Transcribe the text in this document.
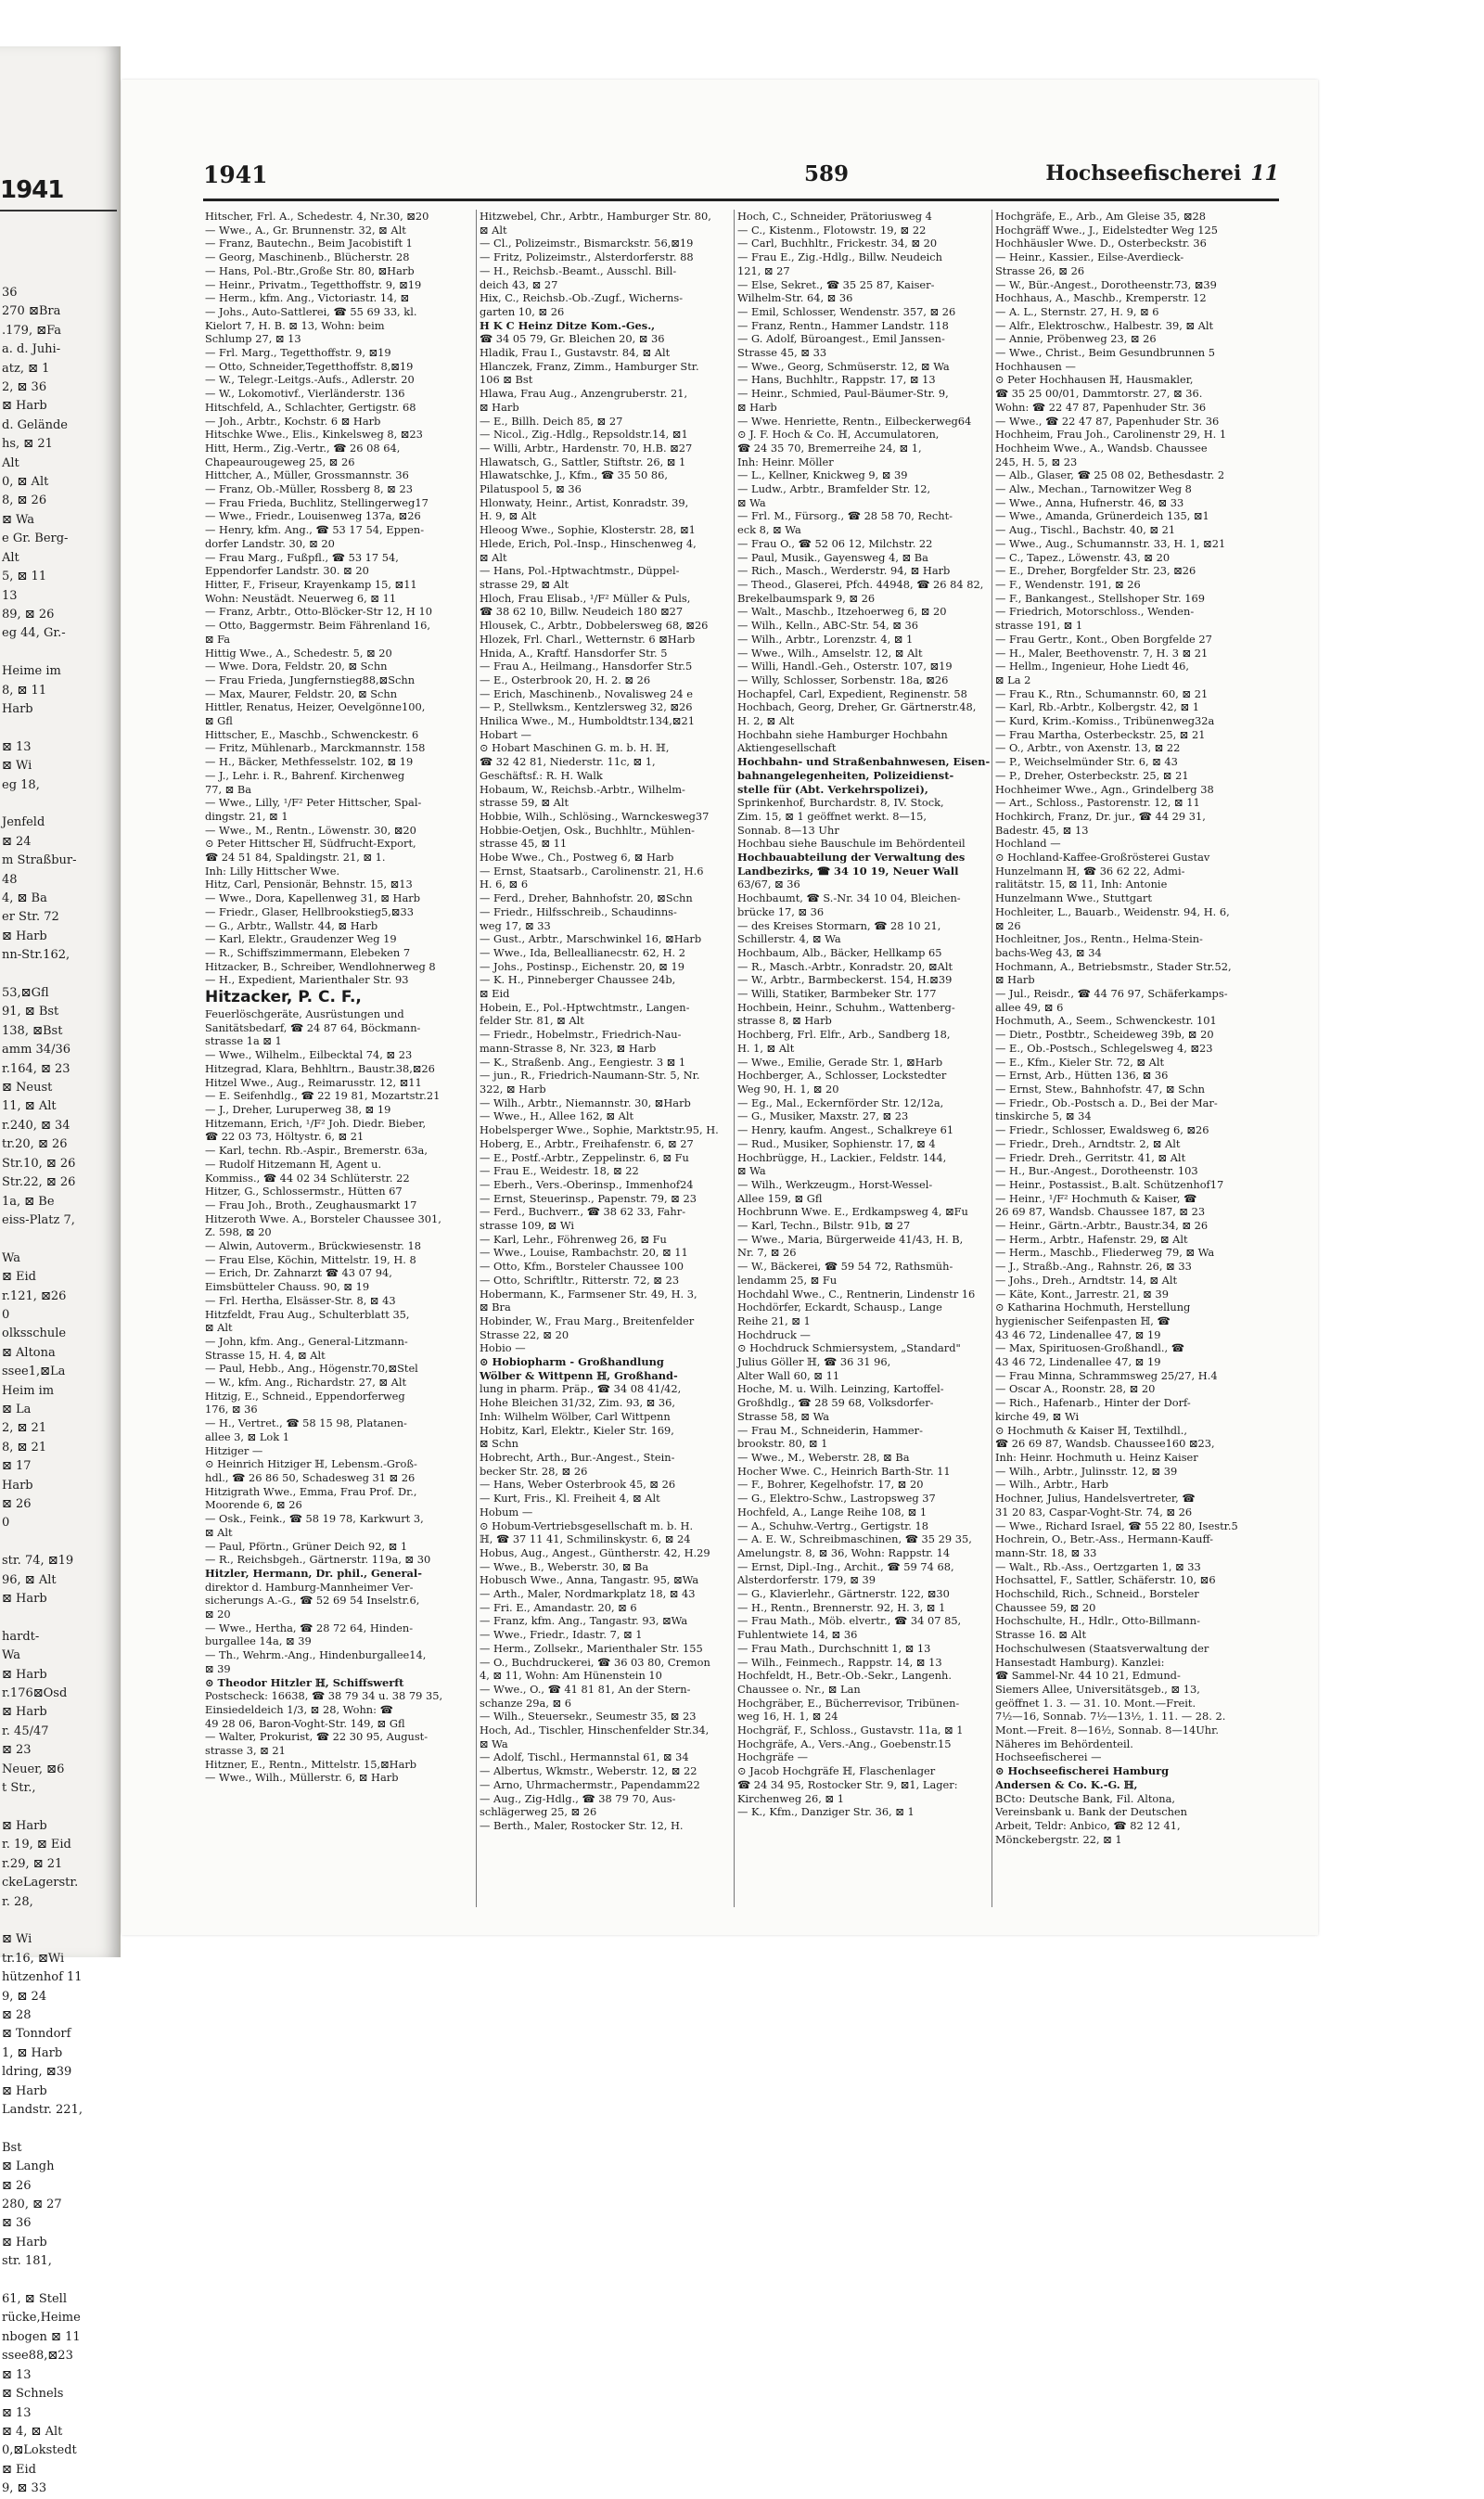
1941
36
270 ⊠Bra
.179, ⊠Fa
a. d. Juhi-
atz, ⊠ 1
2, ⊠ 36
⊠ Harb
d. Gelände
hs, ⊠ 21
Alt
0, ⊠ Alt
8, ⊠ 26
⊠ Wa
e Gr. Berg-
Alt
5, ⊠ 11
13
89, ⊠ 26
eg 44, Gr.-

Heime im
8, ⊠ 11
Harb

⊠ 13
⊠ Wi
eg 18,

Jenfeld
⊠ 24
m Straßbur-
48
4, ⊠ Ba
er Str. 72
⊠ Harb
nn-Str.162,

53,⊠Gfl
91, ⊠ Bst
138, ⊠Bst
amm 34/36
r.164, ⊠ 23
⊠ Neust
11, ⊠ Alt
r.240, ⊠ 34
tr.20, ⊠ 26
Str.10, ⊠ 26
Str.22, ⊠ 26
1a, ⊠ Be
eiss-Platz 7,

Wa
⊠ Eid
r.121, ⊠26
0
olksschule
⊠ Altona
ssee1,⊠La
Heim im
⊠ La
2, ⊠ 21
8, ⊠ 21
⊠ 17
Harb
⊠ 26
0

str. 74, ⊠19
96, ⊠ Alt
⊠ Harb

hardt-
Wa
⊠ Harb
r.176⊠Osd
⊠ Harb
r. 45/47
⊠ 23
Neuer, ⊠6
t Str.,

⊠ Harb
r. 19, ⊠ Eid
r.29, ⊠ 21
ckeLagerstr.
r. 28,

⊠ Wi
tr.16, ⊠Wi
hützenhof 11
9, ⊠ 24
⊠ 28
⊠ Tonndorf
1, ⊠ Harb
ldring, ⊠39
⊠ Harb
Landstr. 221,

Bst
⊠ Langh
⊠ 26
280, ⊠ 27
⊠ 36
⊠ Harb
str. 181,

61, ⊠ Stell
rücke,Heime
nbogen ⊠ 11
ssee88,⊠23
⊠ 13
⊠ Schnels
⊠ 13
⊠ 4, ⊠ Alt
0,⊠Lokstedt
⊠ Eid
9, ⊠ 33
1941	589	Hochseefischerei 11
Hitscher, Frl. A., Schedestr. 4, Nr.30, ⊠20
— Wwe., A., Gr. Brunnenstr. 32, ⊠ Alt
— Franz, Bautechn., Beim Jacobistift 1
— Georg, Maschinenb., Blücherstr. 28
— Hans, Pol.-Btr.,Große Str. 80, ⊠Harb
— Heinr., Privatm., Tegetthoffstr. 9, ⊠19
— Herm., kfm. Ang., Victoriastr. 14, ⊠
— Johs., Auto-Sattlerei, ☎ 55 69 33, kl.
Kielort 7, H. B. ⊠ 13, Wohn: beim
Schlump 27, ⊠ 13
— Frl. Marg., Tegetthoffstr. 9, ⊠19
— Otto, Schneider,Tegetthoffstr. 8,⊠19
— W., Telegr.-Leitgs.-Aufs., Adlerstr. 20
— W., Lokomotivf., Vierländerstr. 136
Hitschfeld, A., Schlachter, Gertigstr. 68
— Joh., Arbtr., Kochstr. 6 ⊠ Harb
Hitschke Wwe., Elis., Kinkelsweg 8, ⊠23
Hitt, Herm., Zig.-Vertr., ☎ 26 08 64,
Chapeaurougeweg 25, ⊠ 26
Hittcher, A., Müller, Grossmannstr. 36
— Franz, Ob.-Müller, Rossberg 8, ⊠ 23
— Frau Frieda, Buchlitz, Stellingerweg17
— Wwe., Friedr., Louisenweg 137a, ⊠26
— Henry, kfm. Ang., ☎ 53 17 54, Eppen-
dorfer Landstr. 30, ⊠ 20
— Frau Marg., Fußpfl., ☎ 53 17 54,
Eppendorfer Landstr. 30. ⊠ 20
Hitter, F., Friseur, Krayenkamp 15, ⊠11
Wohn: Neustädt. Neuerweg 6, ⊠ 11
— Franz, Arbtr., Otto-Blöcker-Str 12, H 10
— Otto, Baggermstr. Beim Fährenland 16,
⊠ Fa
Hittig Wwe., A., Schedestr. 5, ⊠ 20
— Wwe. Dora, Feldstr. 20, ⊠ Schn
— Frau Frieda, Jungfernstieg88,⊠Schn
— Max, Maurer, Feldstr. 20, ⊠ Schn
Hittler, Renatus, Heizer, Oevelgönne100,
⊠ Gfl
Hittscher, E., Maschb., Schwenckestr. 6
— Fritz, Mühlenarb., Marckmannstr. 158
— H., Bäcker, Methfesselstr. 102, ⊠ 19
— J., Lehr. i. R., Bahrenf. Kirchenweg
77, ⊠ Ba
— Wwe., Lilly, ¹/F² Peter Hittscher, Spal-
dingstr. 21, ⊠ 1
— Wwe., M., Rentn., Löwenstr. 30, ⊠20
⊙ Peter Hittscher ℍ, Südfrucht-Export,
☎ 24 51 84, Spaldingstr. 21, ⊠ 1.
Inh: Lilly Hittscher Wwe.
Hitz, Carl, Pensionär, Behnstr. 15, ⊠13
— Wwe., Dora, Kapellenweg 31, ⊠ Harb
— Friedr., Glaser, Hellbrookstieg5,⊠33
— G., Arbtr., Wallstr. 44, ⊠ Harb
— Karl, Elektr., Graudenzer Weg 19
— R., Schiffszimmermann, Elebeken 7
Hitzacker, B., Schreiber, Wendlohnerweg 8
— H., Expedient, Marienthaler Str. 93
Hitzacker, P. C. F.,
Feuerlöschgeräte, Ausrüstungen und
Sanitätsbedarf, ☎ 24 87 64, Böckmann-
strasse 1a ⊠ 1
— Wwe., Wilhelm., Eilbecktal 74, ⊠ 23
Hitzegrad, Klara, Behhltrn., Baustr.38,⊠26
Hitzel Wwe., Aug., Reimarusstr. 12, ⊠11
— E. Seifenhdlg., ☎ 22 19 81, Mozartstr.21
— J., Dreher, Luruperweg 38, ⊠ 19
Hitzemann, Erich, ¹/F² Joh. Diedr. Bieber,
☎ 22 03 73, Höltystr. 6, ⊠ 21
— Karl, techn. Rb.-Aspir., Bremerstr. 63a,
— Rudolf Hitzemann ℍ, Agent u.
Kommiss., ☎ 44 02 34 Schlüterstr. 22
Hitzer, G., Schlossermstr., Hütten 67
— Frau Joh., Broth., Zeughausmarkt 17
Hitzeroth Wwe. A., Borsteler Chaussee 301,
Z. 598, ⊠ 20
— Alwin, Autoverm., Brückwiesenstr. 18
— Frau Else, Köchin, Mittelstr. 19, H. 8
— Erich, Dr. Zahnarzt ☎ 43 07 94,
Eimsbütteler Chauss. 90, ⊠ 19
— Frl. Hertha, Elsässer-Str. 8, ⊠ 43
Hitzfeldt, Frau Aug., Schulterblatt 35,
⊠ Alt
— John, kfm. Ang., General-Litzmann-
Strasse 15, H. 4, ⊠ Alt
— Paul, Hebb., Ang., Högenstr.70,⊠Stel
— W., kfm. Ang., Richardstr. 27, ⊠ Alt
Hitzig, E., Schneid., Eppendorferweg
176, ⊠ 36
— H., Vertret., ☎ 58 15 98, Platanen-
allee 3, ⊠ Lok 1
Hitziger —
⊙ Heinrich Hitziger ℍ, Lebensm.-Groß-
hdl., ☎ 26 86 50, Schadesweg 31 ⊠ 26
Hitzigrath Wwe., Emma, Frau Prof. Dr.,
Moorende 6, ⊠ 26
— Osk., Feink., ☎ 58 19 78, Karkwurt 3,
⊠ Alt
— Paul, Pförtn., Grüner Deich 92, ⊠ 1
— R., Reichsbgeh., Gärtnerstr. 119a, ⊠ 30
Hitzler, Hermann, Dr. phil., General-
direktor d. Hamburg-Mannheimer Ver-
sicherungs A.-G., ☎ 52 69 54 Inselstr.6,
⊠ 20
— Wwe., Hertha, ☎ 28 72 64, Hinden-
burgallee 14a, ⊠ 39
— Th., Wehrm.-Ang., Hindenburgallee14,
⊠ 39
⊙ Theodor Hitzler ℍ, Schiffswerft
Postscheck: 16638, ☎ 38 79 34 u. 38 79 35,
Einsiedeldeich 1/3, ⊠ 28, Wohn: ☎
49 28 06, Baron-Voght-Str. 149, ⊠ Gfl
— Walter, Prokurist, ☎ 22 30 95, August-
strasse 3, ⊠ 21
Hitzner, E., Rentn., Mittelstr. 15,⊠Harb
— Wwe., Wilh., Müllerstr. 6, ⊠ Harb
Hitzwebel, Chr., Arbtr., Hamburger Str. 80,
⊠ Alt
— Cl., Polizeimstr., Bismarckstr. 56,⊠19
— Fritz, Polizeimstr., Alsterdorferstr. 88
— H., Reichsb.-Beamt., Ausschl. Bill-
deich 43, ⊠ 27
Hix, C., Reichsb.-Ob.-Zugf., Wicherns-
garten 10, ⊠ 26
H K C Heinz Ditze Kom.-Ges.,
☎ 34 05 79, Gr. Bleichen 20, ⊠ 36
Hladik, Frau I., Gustavstr. 84, ⊠ Alt
Hlanczek, Franz, Zimm., Hamburger Str.
106 ⊠ Bst
Hlawa, Frau Aug., Anzengruberstr. 21,
⊠ Harb
— E., Billh. Deich 85, ⊠ 27
— Nicol., Zig.-Hdlg., Repsoldstr.14, ⊠1
— Willi, Arbtr., Hardenstr. 70, H.B. ⊠27
Hlawatsch, G., Sattler, Stiftstr. 26, ⊠ 1
Hlawatschke, J., Kfm., ☎ 35 50 86,
Pilatuspool 5, ⊠ 36
Hlonwaty, Heinr., Artist, Konradstr. 39,
H. 9, ⊠ Alt
Hleoog Wwe., Sophie, Klosterstr. 28, ⊠1
Hlede, Erich, Pol.-Insp., Hinschenweg 4,
⊠ Alt
— Hans, Pol.-Hptwachtmstr., Düppel-
strasse 29, ⊠ Alt
Hloch, Frau Elisab., ¹/F² Müller & Puls,
☎ 38 62 10, Billw. Neudeich 180 ⊠27
Hlousek, C., Arbtr., Dobbelersweg 68, ⊠26
Hlozek, Frl. Charl., Wetternstr. 6 ⊠Harb
Hnida, A., Kraftf. Hansdorfer Str. 5
— Frau A., Heilmang., Hansdorfer Str.5
— E., Osterbrook 20, H. 2. ⊠ 26
— Erich, Maschinenb., Novalisweg 24 e
— P., Stellwksm., Kentzlersweg 32, ⊠26
Hnilica Wwe., M., Humboldtstr.134,⊠21
Hobart —
⊙ Hobart Maschinen G. m. b. H. ℍ,
☎ 32 42 81, Niederstr. 11c, ⊠ 1,
Geschäftsf.: R. H. Walk
Hobaum, W., Reichsb.-Arbtr., Wilhelm-
strasse 59, ⊠ Alt
Hobbie, Wilh., Schlösing., Warnckesweg37
Hobbie-Oetjen, Osk., Buchhltr., Mühlen-
strasse 45, ⊠ 11
Hobe Wwe., Ch., Postweg 6, ⊠ Harb
— Ernst, Staatsarb., Carolinenstr. 21, H.6
H. 6, ⊠ 6
— Ferd., Dreher, Bahnhofstr. 20, ⊠Schn
— Friedr., Hilfsschreib., Schaudinns-
weg 17, ⊠ 33
— Gust., Arbtr., Marschwinkel 16, ⊠Harb
— Wwe., Ida, Belleallianecstr. 62, H. 2
— Johs., Postinsp., Eichenstr. 20, ⊠ 19
— K. H., Pinneberger Chaussee 24b,
⊠ Eid
Hobein, E., Pol.-Hptwchtmstr., Langen-
felder Str. 81, ⊠ Alt
— Friedr., Hobelmstr., Friedrich-Nau-
mann-Strasse 8, Nr. 323, ⊠ Harb
— K., Straßenb. Ang., Eengiestr. 3 ⊠ 1
— jun., R., Friedrich-Naumann-Str. 5, Nr.
322, ⊠ Harb
— Wilh., Arbtr., Niemannstr. 30, ⊠Harb
— Wwe., H., Allee 162, ⊠ Alt
Hobelsperger Wwe., Sophie, Marktstr.95, H.
Hoberg, E., Arbtr., Freihafenstr. 6, ⊠ 27
— E., Postf.-Arbtr., Zeppelinstr. 6, ⊠ Fu
— Frau E., Weidestr. 18, ⊠ 22
— Eberh., Vers.-Oberinsp., Immenhof24
— Ernst, Steuerinsp., Papenstr. 79, ⊠ 23
— Ferd., Buchverr., ☎ 38 62 33, Fahr-
strasse 109, ⊠ Wi
— Karl, Lehr., Föhrenweg 26, ⊠ Fu
— Wwe., Louise, Rambachstr. 20, ⊠ 11
— Otto, Kfm., Borsteler Chaussee 100
— Otto, Schriftltr., Ritterstr. 72, ⊠ 23
Hobermann, K., Farmsener Str. 49, H. 3,
⊠ Bra
Hobinder, W., Frau Marg., Breitenfelder
Strasse 22, ⊠ 20
Hobio —
⊙ Hobiopharm - Großhandlung
Wölber & Wittpenn ℍ, Großhand-
lung in pharm. Präp., ☎ 34 08 41/42,
Hohe Bleichen 31/32, Zim. 93, ⊠ 36,
Inh: Wilhelm Wölber, Carl Wittpenn
Hobitz, Karl, Elektr., Kieler Str. 169,
⊠ Schn
Hobrecht, Arth., Bur.-Angest., Stein-
becker Str. 28, ⊠ 26
— Hans, Weber Osterbrook 45, ⊠ 26
— Kurt, Fris., Kl. Freiheit 4, ⊠ Alt
Hobum —
⊙ Hobum-Vertriebsgesellschaft m. b. H.
ℍ, ☎ 37 11 41, Schmilinskystr. 6, ⊠ 24
Hobus, Aug., Angest., Güntherstr. 42, H.29
— Wwe., B., Weberstr. 30, ⊠ Ba
Hobusch Wwe., Anna, Tangastr. 95, ⊠Wa
— Arth., Maler, Nordmarkplatz 18, ⊠ 43
— Fri. E., Amandastr. 20, ⊠ 6
— Franz, kfm. Ang., Tangastr. 93, ⊠Wa
— Wwe., Friedr., Idastr. 7, ⊠ 1
— Herm., Zollsekr., Marienthaler Str. 155
— O., Buchdruckerei, ☎ 36 03 80, Cremon
4, ⊠ 11, Wohn: Am Hünenstein 10
— Wwe., O., ☎ 41 81 81, An der Stern-
schanze 29a, ⊠ 6
— Wilh., Steuersekr., Seumestr 35, ⊠ 23
Hoch, Ad., Tischler, Hinschenfelder Str.34,
⊠ Wa
— Adolf, Tischl., Hermannstal 61, ⊠ 34
— Albertus, Wkmstr., Weberstr. 12, ⊠ 22
— Arno, Uhrmachermstr., Papendamm22
— Aug., Zig-Hdlg., ☎ 38 79 70, Aus-
schlägerweg 25, ⊠ 26
— Berth., Maler, Rostocker Str. 12, H.
Hoch, C., Schneider, Prätoriusweg 4
— C., Kistenm., Flotowstr. 19, ⊠ 22
— Carl, Buchhltr., Frickestr. 34, ⊠ 20
— Frau E., Zig.-Hdlg., Billw. Neudeich
121, ⊠ 27
— Else, Sekret., ☎ 35 25 87, Kaiser-
Wilhelm-Str. 64, ⊠ 36
— Emil, Schlosser, Wendenstr. 357, ⊠ 26
— Franz, Rentn., Hammer Landstr. 118
— G. Adolf, Büroangest., Emil Janssen-
Strasse 45, ⊠ 33
— Wwe., Georg, Schmüserstr. 12, ⊠ Wa
— Hans, Buchhltr., Rappstr. 17, ⊠ 13
— Heinr., Schmied, Paul-Bäumer-Str. 9,
⊠ Harb
— Wwe. Henriette, Rentn., Eilbeckerweg64
⊙ J. F. Hoch & Co. ℍ, Accumulatoren,
☎ 24 35 70, Bremerreihe 24, ⊠ 1,
Inh: Heinr. Möller
— L., Kellner, Knickweg 9, ⊠ 39
— Ludw., Arbtr., Bramfelder Str. 12,
⊠ Wa
— Frl. M., Fürsorg., ☎ 28 58 70, Recht-
eck 8, ⊠ Wa
— Frau O., ☎ 52 06 12, Milchstr. 22
— Paul, Musik., Gayensweg 4, ⊠ Ba
— Rich., Masch., Werderstr. 94, ⊠ Harb
— Theod., Glaserei, Pfch. 44948, ☎ 26 84 82,
Brekelbaumspark 9, ⊠ 26
— Walt., Maschb., Itzehoerweg 6, ⊠ 20
— Wilh., Kelln., ABC-Str. 54, ⊠ 36
— Wilh., Arbtr., Lorenzstr. 4, ⊠ 1
— Wwe., Wilh., Amselstr. 12, ⊠ Alt
— Willi, Handl.-Geh., Osterstr. 107, ⊠19
— Willy, Schlosser, Sorbenstr. 18a, ⊠26
Hochapfel, Carl, Expedient, Reginenstr. 58
Hochbach, Georg, Dreher, Gr. Gärtnerstr.48,
H. 2, ⊠ Alt
Hochbahn siehe Hamburger Hochbahn
Aktiengesellschaft
Hochbahn- und Straßenbahnwesen, Eisen-
bahnangelegenheiten, Polizeidienst-
stelle für (Abt. Verkehrspolizei),
Sprinkenhof, Burchardstr. 8, IV. Stock,
Zim. 15, ⊠ 1 geöffnet werkt. 8—15,
Sonnab. 8—13 Uhr
Hochbau siehe Bauschule im Behördenteil
Hochbauabteilung der Verwaltung des
Landbezirks, ☎ 34 10 19, Neuer Wall
63/67, ⊠ 36
Hochbaumt, ☎ S.-Nr. 34 10 04, Bleichen-
brücke 17, ⊠ 36
— des Kreises Stormarn, ☎ 28 10 21,
Schillerstr. 4, ⊠ Wa
Hochbaum, Alb., Bäcker, Hellkamp 65
— R., Masch.-Arbtr., Konradstr. 20, ⊠Alt
— W., Arbtr., Barmbeckerst. 154, H.⊠39
— Willi, Statiker, Barmbeker Str. 177
Hochbein, Heinr., Schuhm., Wattenberg-
strasse 8, ⊠ Harb
Hochberg, Frl. Elfr., Arb., Sandberg 18,
H. 1, ⊠ Alt
— Wwe., Emilie, Gerade Str. 1, ⊠Harb
Hochberger, A., Schlosser, Lockstedter
Weg 90, H. 1, ⊠ 20
— Eg., Mal., Eckernförder Str. 12/12a,
— G., Musiker, Maxstr. 27, ⊠ 23
— Henry, kaufm. Angest., Schalkreye 61
— Rud., Musiker, Sophienstr. 17, ⊠ 4
Hochbrügge, H., Lackier., Feldstr. 144,
⊠ Wa
— Wilh., Werkzeugm., Horst-Wessel-
Allee 159, ⊠ Gfl
Hochbrunn Wwe. E., Erdkampsweg 4, ⊠Fu
— Karl, Techn., Bilstr. 91b, ⊠ 27
— Wwe., Maria, Bürgerweide 41/43, H. B,
Nr. 7, ⊠ 26
— W., Bäckerei, ☎ 59 54 72, Rathsmüh-
lendamm 25, ⊠ Fu
Hochdahl Wwe., C., Rentnerin, Lindenstr 16
Hochdörfer, Eckardt, Schausp., Lange
Reihe 21, ⊠ 1
Hochdruck —
⊙ Hochdruck Schmiersystem, „Standard"
Julius Göller ℍ, ☎ 36 31 96,
Alter Wall 60, ⊠ 11
Hoche, M. u. Wilh. Leinzing, Kartoffel-
Großhdlg., ☎ 28 59 68, Volksdorfer-
Strasse 58, ⊠ Wa
— Frau M., Schneiderin, Hammer-
brookstr. 80, ⊠ 1
— Wwe., M., Weberstr. 28, ⊠ Ba
Hocher Wwe. C., Heinrich Barth-Str. 11
— F., Bohrer, Kegelhofstr. 17, ⊠ 20
— G., Elektro-Schw., Lastropsweg 37
Hochfeld, A., Lange Reihe 108, ⊠ 1
— A., Schuhw.-Vertrg., Gertigstr. 18
— A. E. W., Schreibmaschinen, ☎ 35 29 35,
Amelungstr. 8, ⊠ 36, Wohn: Rappstr. 14
— Ernst, Dipl.-Ing., Archit., ☎ 59 74 68,
Alsterdorferstr. 179, ⊠ 39
— G., Klavierlehr., Gärtnerstr. 122, ⊠30
— H., Rentn., Brennerstr. 92, H. 3, ⊠ 1
— Frau Math., Möb. elvertr., ☎ 34 07 85,
Fuhlentwiete 14, ⊠ 36
— Frau Math., Durchschnitt 1, ⊠ 13
— Wilh., Feinmech., Rappstr. 14, ⊠ 13
Hochfeldt, H., Betr.-Ob.-Sekr., Langenh.
Chaussee o. Nr., ⊠ Lan
Hochgräber, E., Bücherrevisor, Tribünen-
weg 16, H. 1, ⊠ 24
Hochgräf, F., Schloss., Gustavstr. 11a, ⊠ 1
Hochgräfe, A., Vers.-Ang., Goebenstr.15
Hochgräfe —
⊙ Jacob Hochgräfe ℍ, Flaschenlager
☎ 24 34 95, Rostocker Str. 9, ⊠1, Lager:
Kirchenweg 26, ⊠ 1
— K., Kfm., Danziger Str. 36, ⊠ 1
Hochgräfe, E., Arb., Am Gleise 35, ⊠28
Hochgräff Wwe., J., Eidelstedter Weg 125
Hochhäusler Wwe. D., Osterbeckstr. 36
— Heinr., Kassier., Eilse-Averdieck-
Strasse 26, ⊠ 26
— W., Bür.-Angest., Dorotheenstr.73, ⊠39
Hochhaus, A., Maschb., Kremperstr. 12
— A. L., Sternstr. 27, H. 9, ⊠ 6
— Alfr., Elektroschw., Halbestr. 39, ⊠ Alt
— Annie, Pröbenweg 23, ⊠ 26
— Wwe., Christ., Beim Gesundbrunnen 5
Hochhausen —
⊙ Peter Hochhausen ℍ, Hausmakler,
☎ 35 25 00/01, Dammtorstr. 27, ⊠ 36.
Wohn: ☎ 22 47 87, Papenhuder Str. 36
— Wwe., ☎ 22 47 87, Papenhuder Str. 36
Hochheim, Frau Joh., Carolinenstr 29, H. 1
Hochheim Wwe., A., Wandsb. Chaussee
245, H. 5, ⊠ 23
— Alb., Glaser, ☎ 25 08 02, Bethesdastr. 2
— Alw., Mechan., Tarnowitzer Weg 8
— Wwe., Anna, Hufnerstr. 46, ⊠ 33
— Wwe., Amanda, Grünerdeich 135, ⊠1
— Aug., Tischl., Bachstr. 40, ⊠ 21
— Wwe., Aug., Schumannstr. 33, H. 1, ⊠21
— C., Tapez., Löwenstr. 43, ⊠ 20
— E., Dreher, Borgfelder Str. 23, ⊠26
— F., Wendenstr. 191, ⊠ 26
— F., Bankangest., Stellshoper Str. 169
— Friedrich, Motorschloss., Wenden-
strasse 191, ⊠ 1
— Frau Gertr., Kont., Oben Borgfelde 27
— H., Maler, Beethovenstr. 7, H. 3 ⊠ 21
— Hellm., Ingenieur, Hohe Liedt 46,
⊠ La 2
— Frau K., Rtn., Schumannstr. 60, ⊠ 21
— Karl, Rb.-Arbtr., Kolbergstr. 42, ⊠ 1
— Kurd, Krim.-Komiss., Tribünenweg32a
— Frau Martha, Osterbeckstr. 25, ⊠ 21
— O., Arbtr., von Axenstr. 13, ⊠ 22
— P., Weichselmünder Str. 6, ⊠ 43
— P., Dreher, Osterbeckstr. 25, ⊠ 21
Hochheimer Wwe., Agn., Grindelberg 38
— Art., Schloss., Pastorenstr. 12, ⊠ 11
Hochkirch, Franz, Dr. jur., ☎ 44 29 31,
Badestr. 45, ⊠ 13
Hochland —
⊙ Hochland-Kaffee-Großrösterei Gustav
Hunzelmann ℍ, ☎ 36 62 22, Admi-
ralitätstr. 15, ⊠ 11, Inh: Antonie
Hunzelmann Wwe., Stuttgart
Hochleiter, L., Bauarb., Weidenstr. 94, H. 6,
⊠ 26
Hochleitner, Jos., Rentn., Helma-Stein-
bachs-Weg 43, ⊠ 34
Hochmann, A., Betriebsmstr., Stader Str.52,
⊠ Harb
— Jul., Reisdr., ☎ 44 76 97, Schäferkamps-
allee 49, ⊠ 6
Hochmuth, A., Seem., Schwenckestr. 101
— Dietr., Postbtr., Scheideweg 39b, ⊠ 20
— E., Ob.-Postsch., Schlegelsweg 4, ⊠23
— E., Kfm., Kieler Str. 72, ⊠ Alt
— Ernst, Arb., Hütten 136, ⊠ 36
— Ernst, Stew., Bahnhofstr. 47, ⊠ Schn
— Friedr., Ob.-Postsch a. D., Bei der Mar-
tinskirche 5, ⊠ 34
— Friedr., Schlosser, Ewaldsweg 6, ⊠26
— Friedr., Dreh., Arndtstr. 2, ⊠ Alt
— Friedr. Dreh., Gerritstr. 41, ⊠ Alt
— H., Bur.-Angest., Dorotheenstr. 103
— Heinr., Postassist., B.alt. Schützenhof17
— Heinr., ¹/F² Hochmuth & Kaiser, ☎
26 69 87, Wandsb. Chaussee 187, ⊠ 23
— Heinr., Gärtn.-Arbtr., Baustr.34, ⊠ 26
— Herm., Arbtr., Hafenstr. 29, ⊠ Alt
— Herm., Maschb., Fliederweg 79, ⊠ Wa
— J., Straßb.-Ang., Rahnstr. 26, ⊠ 33
— Johs., Dreh., Arndtstr. 14, ⊠ Alt
— Käte, Kont., Jarrestr. 21, ⊠ 39
⊙ Katharina Hochmuth, Herstellung
hygienischer Seifenpasten ℍ, ☎
43 46 72, Lindenallee 47, ⊠ 19
— Max, Spirituosen-Großhandl., ☎
43 46 72, Lindenallee 47, ⊠ 19
— Frau Minna, Schrammsweg 25/27, H.4
— Oscar A., Roonstr. 28, ⊠ 20
— Rich., Hafenarb., Hinter der Dorf-
kirche 49, ⊠ Wi
⊙ Hochmuth & Kaiser ℍ, Textilhdl.,
☎ 26 69 87, Wandsb. Chaussee160 ⊠23,
Inh: Heinr. Hochmuth u. Heinz Kaiser
— Wilh., Arbtr., Julinsstr. 12, ⊠ 39
— Wilh., Arbtr., Harb
Hochner, Julius, Handelsvertreter, ☎
31 20 83, Caspar-Voght-Str. 74, ⊠ 26
— Wwe., Richard Israel, ☎ 55 22 80, Isestr.5
Hochrein, O., Betr.-Ass., Hermann-Kauff-
mann-Str. 18, ⊠ 33
— Walt., Rb.-Ass., Oertzgarten 1, ⊠ 33
Hochsattel, F., Sattler, Schäferstr. 10, ⊠6
Hochschild, Rich., Schneid., Borsteler
Chaussee 59, ⊠ 20
Hochschulte, H., Hdlr., Otto-Billmann-
Strasse 16. ⊠ Alt
Hochschulwesen (Staatsverwaltung der
Hansestadt Hamburg). Kanzlei:
☎ Sammel-Nr. 44 10 21, Edmund-
Siemers Allee, Universitätsgeb., ⊠ 13,
geöffnet 1. 3. — 31. 10. Mont.—Freit.
7½—16, Sonnab. 7½—13½, 1. 11. — 28. 2.
Mont.—Freit. 8—16½, Sonnab. 8—14Uhr.
Näheres im Behördenteil.
Hochseefischerei —
⊙ Hochseefischerei Hamburg
Andersen & Co. K.-G. ℍ,
BCto: Deutsche Bank, Fil. Altona,
Vereinsbank u. Bank der Deutschen
Arbeit, Teldr: Anbico, ☎ 82 12 41,
Mönckebergstr. 22, ⊠ 1
